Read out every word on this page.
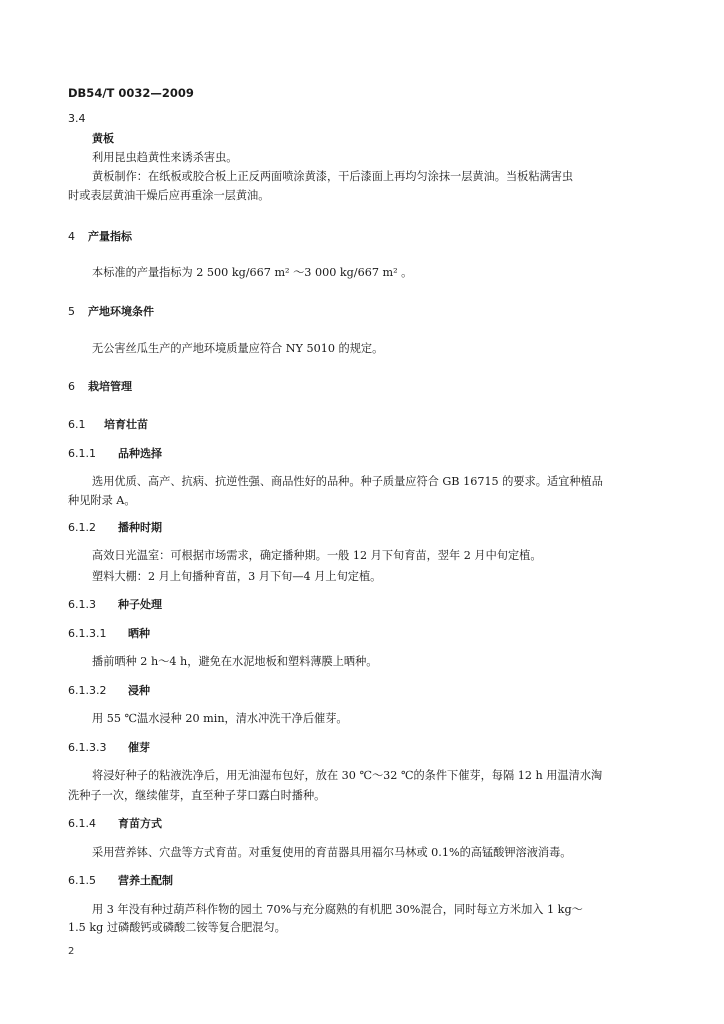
DB54/T 0032—2009
3.4
黄板
利用昆虫趋黄性来诱杀害虫。
黄板制作：在纸板或胶合板上正反两面喷涂黄漆，干后漆面上再均匀涂抹一层黄油。当板粘满害虫
时或表层黄油干燥后应再重涂一层黄油。
4 产量指标
本标准的产量指标为 2 500 kg/667 m² ～3 000 kg/667 m² 。
5 产地环境条件
无公害丝瓜生产的产地环境质量应符合 NY 5010 的规定。
6 栽培管理
6.1 培育壮苗
6.1.1 品种选择
选用优质、高产、抗病、抗逆性强、商品性好的品种。种子质量应符合 GB 16715 的要求。适宜种植品
种见附录 A。
6.1.2 播种时期
高效日光温室：可根据市场需求，确定播种期。一般 12 月下旬育苗，翌年 2 月中旬定植。
塑料大棚：2 月上旬播种育苗，3 月下旬—4 月上旬定植。
6.1.3 种子处理
6.1.3.1 晒种
播前晒种 2 h～4 h，避免在水泥地板和塑料薄膜上晒种。
6.1.3.2 浸种
用 55 ℃温水浸种 20 min，清水冲洗干净后催芽。
6.1.3.3 催芽
将浸好种子的粘液洗净后，用无油湿布包好，放在 30 ℃～32 ℃的条件下催芽，每隔 12 h 用温清水淘
洗种子一次，继续催芽，直至种子芽口露白时播种。
6.1.4 育苗方式
采用营养钵、穴盘等方式育苗。对重复使用的育苗器具用福尔马林或 0.1%的高锰酸钾溶液消毒。
6.1.5 营养土配制
用 3 年没有种过葫芦科作物的园土 70%与充分腐熟的有机肥 30%混合，同时每立方米加入 1 kg～
1.5 kg 过磷酸钙或磷酸二铵等复合肥混匀。
2
